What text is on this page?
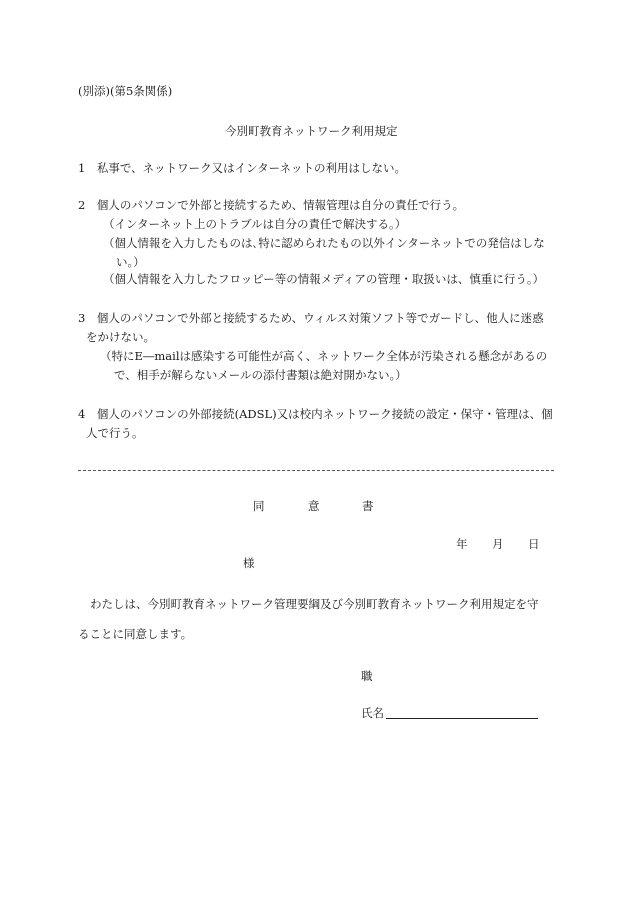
(別添)(第5条関係)
今別町教育ネットワーク利用規定
1　私事で、ネットワーク又はインターネットの利用はしない。
2　個人のパソコンで外部と接続するため、情報管理は自分の責任で行う。
（インターネット上のトラブルは自分の責任で解決する。）
（個人情報を入力したものは､特に認められたもの以外インターネットでの発信はしな
い。）
（個人情報を入力したフロッピー等の情報メディアの管理・取扱いは、慎重に行う。）
3　個人のパソコンで外部と接続するため、ウィルス対策ソフト等でガードし、他人に迷惑
をかけない。
（特にE―mailは感染する可能性が高く、ネットワーク全体が汚染される懸念があるの
で、相手が解らないメールの添付書類は絶対開かない。）
4　個人のパソコンの外部接続(ADSL)又は校内ネットワーク接続の設定・保守・管理は、個
人で行う。
同	意	書
年 月 日
様
わたしは、今別町教育ネットワーク管理要綱及び今別町教育ネットワーク利用規定を守
ることに同意します。
職
氏名
